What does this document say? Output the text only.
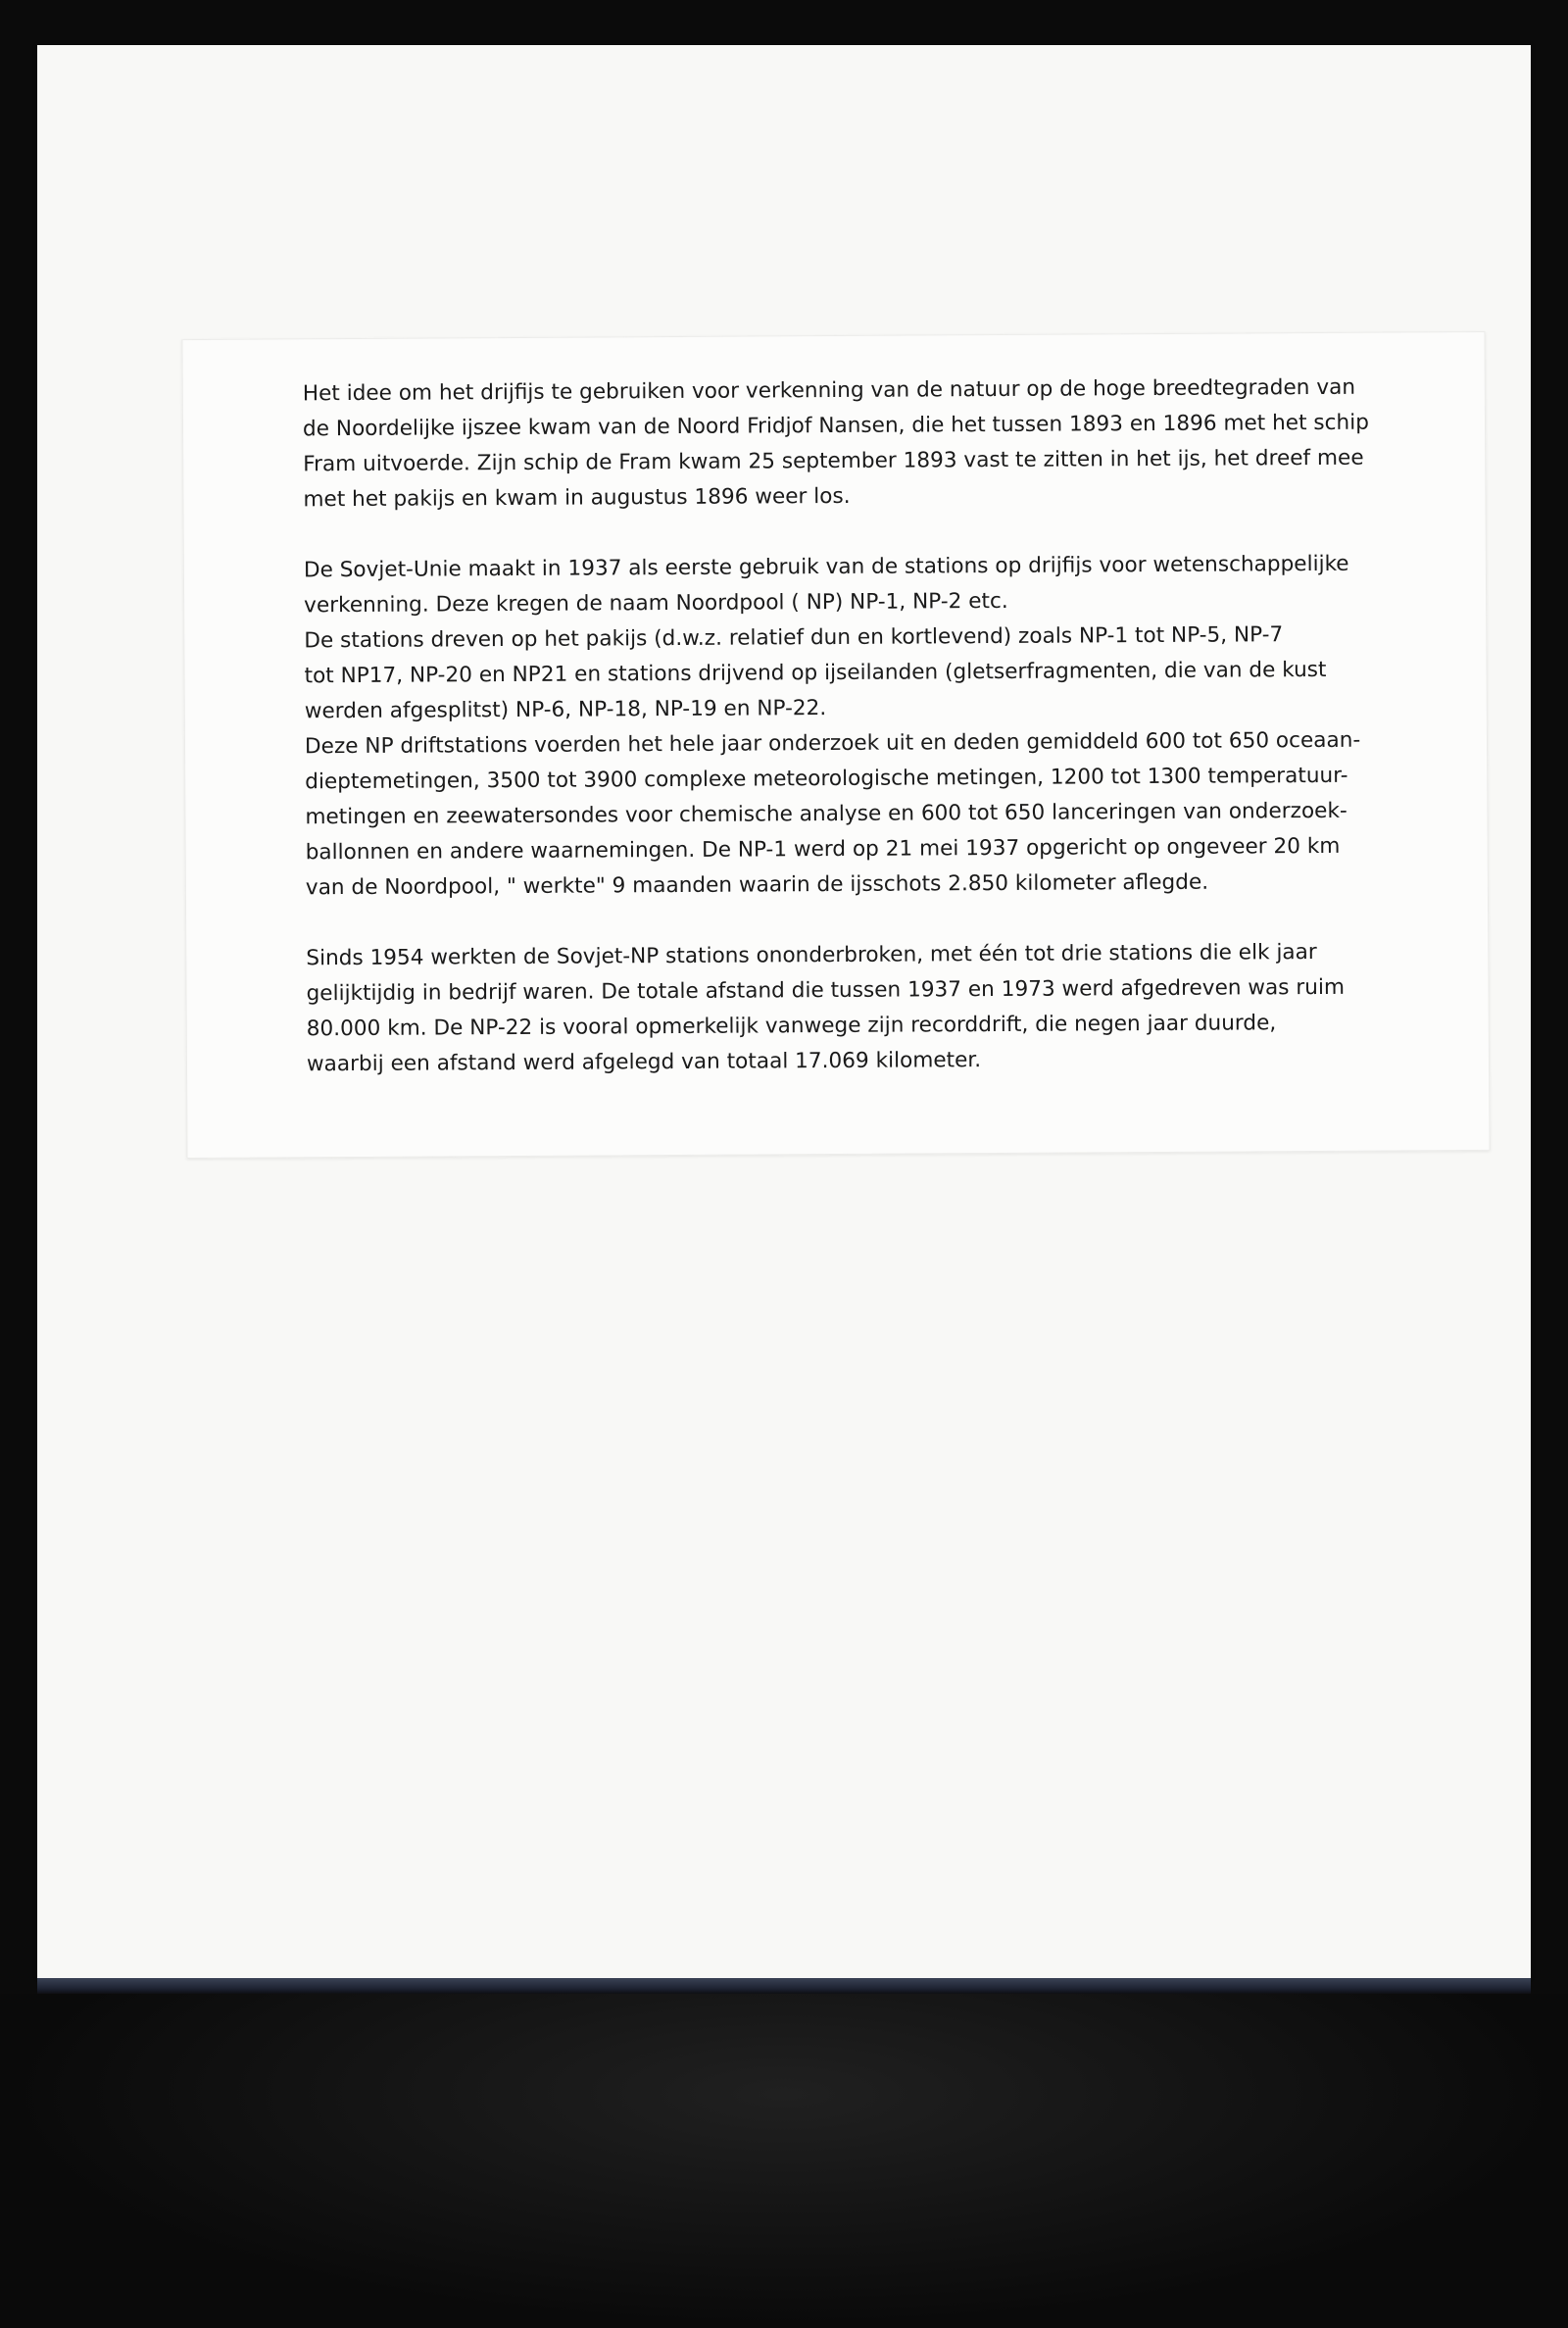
Het idee om het drijfijs te gebruiken voor verkenning van de natuur op de hoge breedtegraden van
de Noordelijke ijszee kwam van de Noord Fridjof Nansen, die het tussen 1893 en 1896 met het schip
Fram uitvoerde. Zijn schip de Fram kwam 25 september 1893 vast te zitten in het ijs, het dreef mee
met het pakijs en kwam in augustus 1896 weer los.

De Sovjet-Unie maakt in 1937 als eerste gebruik van de stations op drijfijs voor wetenschappelijke
verkenning. Deze kregen de naam Noordpool ( NP) NP-1, NP-2 etc.
De stations dreven op het pakijs (d.w.z. relatief dun en kortlevend) zoals NP-1 tot NP-5, NP-7
tot NP17, NP-20 en NP21 en stations drijvend op ijseilanden (gletserfragmenten, die van de kust
werden afgesplitst) NP-6, NP-18, NP-19 en NP-22.
Deze NP driftstations voerden het hele jaar onderzoek uit en deden gemiddeld 600 tot 650 oceaan-
dieptemetingen, 3500 tot 3900 complexe meteorologische metingen, 1200 tot 1300 temperatuur-
metingen en zeewatersondes voor chemische analyse en 600 tot 650 lanceringen van onderzoek-
ballonnen en andere waarnemingen. De NP-1 werd op 21 mei 1937 opgericht op ongeveer 20 km
van de Noordpool, " werkte" 9 maanden waarin de ijsschots 2.850 kilometer aflegde.

Sinds 1954 werkten de Sovjet-NP stations ononderbroken, met één tot drie stations die elk jaar
gelijktijdig in bedrijf waren. De totale afstand die tussen 1937 en 1973 werd afgedreven was ruim
80.000 km. De NP-22 is vooral opmerkelijk vanwege zijn recorddrift, die negen jaar duurde,
waarbij een afstand werd afgelegd van totaal 17.069 kilometer.
